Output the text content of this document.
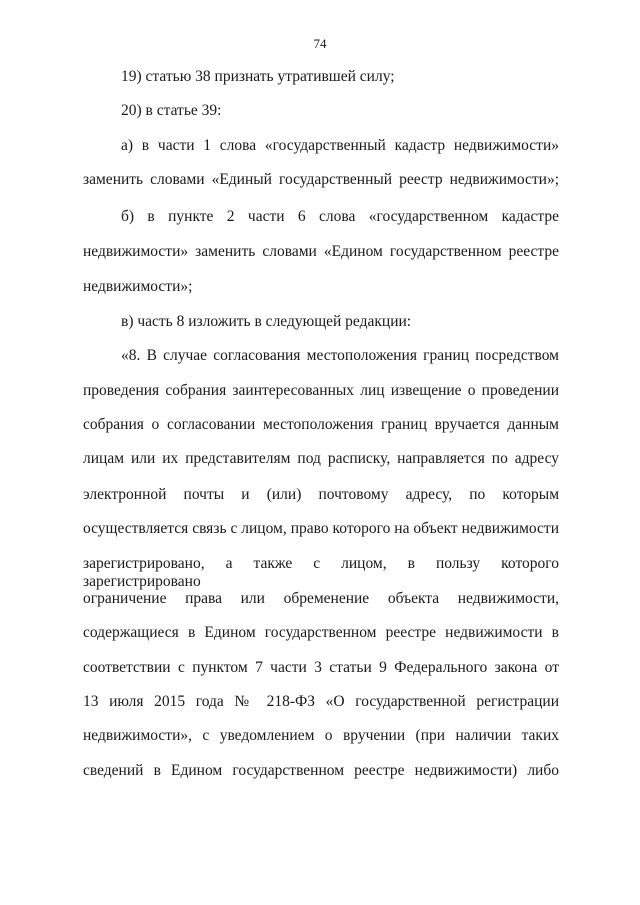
74
19) статью 38 признать утратившей силу;
20) в статье 39:
а) в части 1 слова «государственный кадастр недвижимости»
заменить словами «Единый государственный реестр недвижимости»;
б) в пункте 2 части 6 слова «государственном кадастре
недвижимости» заменить словами «Едином государственном реестре
недвижимости»;
в) часть 8 изложить в следующей редакции:
«8. В случае согласования местоположения границ посредством
проведения собрания заинтересованных лиц извещение о проведении
собрания о согласовании местоположения границ вручается данным
лицам или их представителям под расписку, направляется по адресу
электронной почты и (или) почтовому адресу, по которым
осуществляется связь с лицом, право которого на объект недвижимости
зарегистрировано, а также с лицом, в пользу которого зарегистрировано
ограничение права или обременение объекта недвижимости,
содержащиеся в Едином государственном реестре недвижимости в
соответствии с пунктом 7 части 3 статьи 9 Федерального закона от
13 июля 2015 года № 218-ФЗ «О государственной регистрации
недвижимости», с уведомлением о вручении (при наличии таких
сведений в Едином государственном реестре недвижимости) либо
